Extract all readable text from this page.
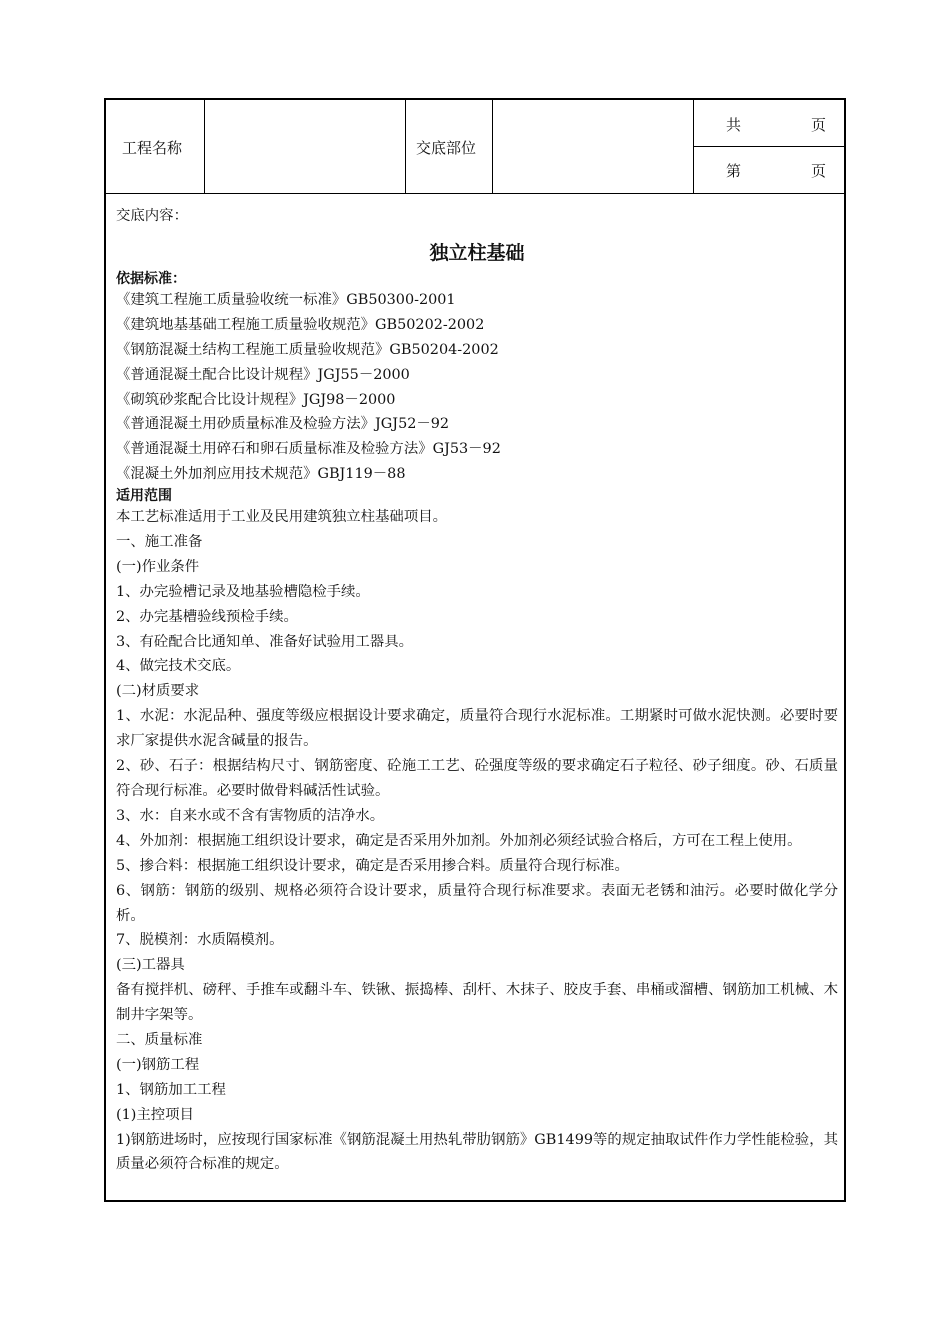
工程名称	交底部位
共	页
第	页
交底内容：
独立柱基础
依据标准：
《建筑工程施工质量验收统一标准》GB50300-2001
《建筑地基基础工程施工质量验收规范》GB50202-2002
《钢筋混凝土结构工程施工质量验收规范》GB50204-2002
《普通混凝土配合比设计规程》JGJ55－2000
《砌筑砂浆配合比设计规程》JGJ98－2000
《普通混凝土用砂质量标准及检验方法》JGJ52－92
《普通混凝土用碎石和卵石质量标准及检验方法》GJ53－92
《混凝土外加剂应用技术规范》GBJ119－88
适用范围
本工艺标准适用于工业及民用建筑独立柱基础项目。
一、施工准备
(一)作业条件
1、办完验槽记录及地基验槽隐检手续。
2、办完基槽验线预检手续。
3、有砼配合比通知单、准备好试验用工器具。
4、做完技术交底。
(二)材质要求
1、水泥：水泥品种、强度等级应根据设计要求确定，质量符合现行水泥标准。工期紧时可做水泥快测。必要时要求厂家提供水泥含碱量的报告。
2、砂、石子：根据结构尺寸、钢筋密度、砼施工工艺、砼强度等级的要求确定石子粒径、砂子细度。砂、石质量符合现行标准。必要时做骨料碱活性试验。
3、水：自来水或不含有害物质的洁净水。
4、外加剂：根据施工组织设计要求，确定是否采用外加剂。外加剂必须经试验合格后，方可在工程上使用。
5、掺合料：根据施工组织设计要求，确定是否采用掺合料。质量符合现行标准。
6、钢筋：钢筋的级别、规格必须符合设计要求，质量符合现行标准要求。表面无老锈和油污。必要时做化学分析。
7、脱模剂：水质隔模剂。
(三)工器具
备有搅拌机、磅秤、手推车或翻斗车、铁锹、振捣棒、刮杆、木抹子、胶皮手套、串桶或溜槽、钢筋加工机械、木制井字架等。
二、质量标准
(一)钢筋工程
1、钢筋加工工程
(1)主控项目
1)钢筋进场时，应按现行国家标准《钢筋混凝土用热轧带肋钢筋》GB1499等的规定抽取试件作力学性能检验，其质量必须符合标准的规定。
